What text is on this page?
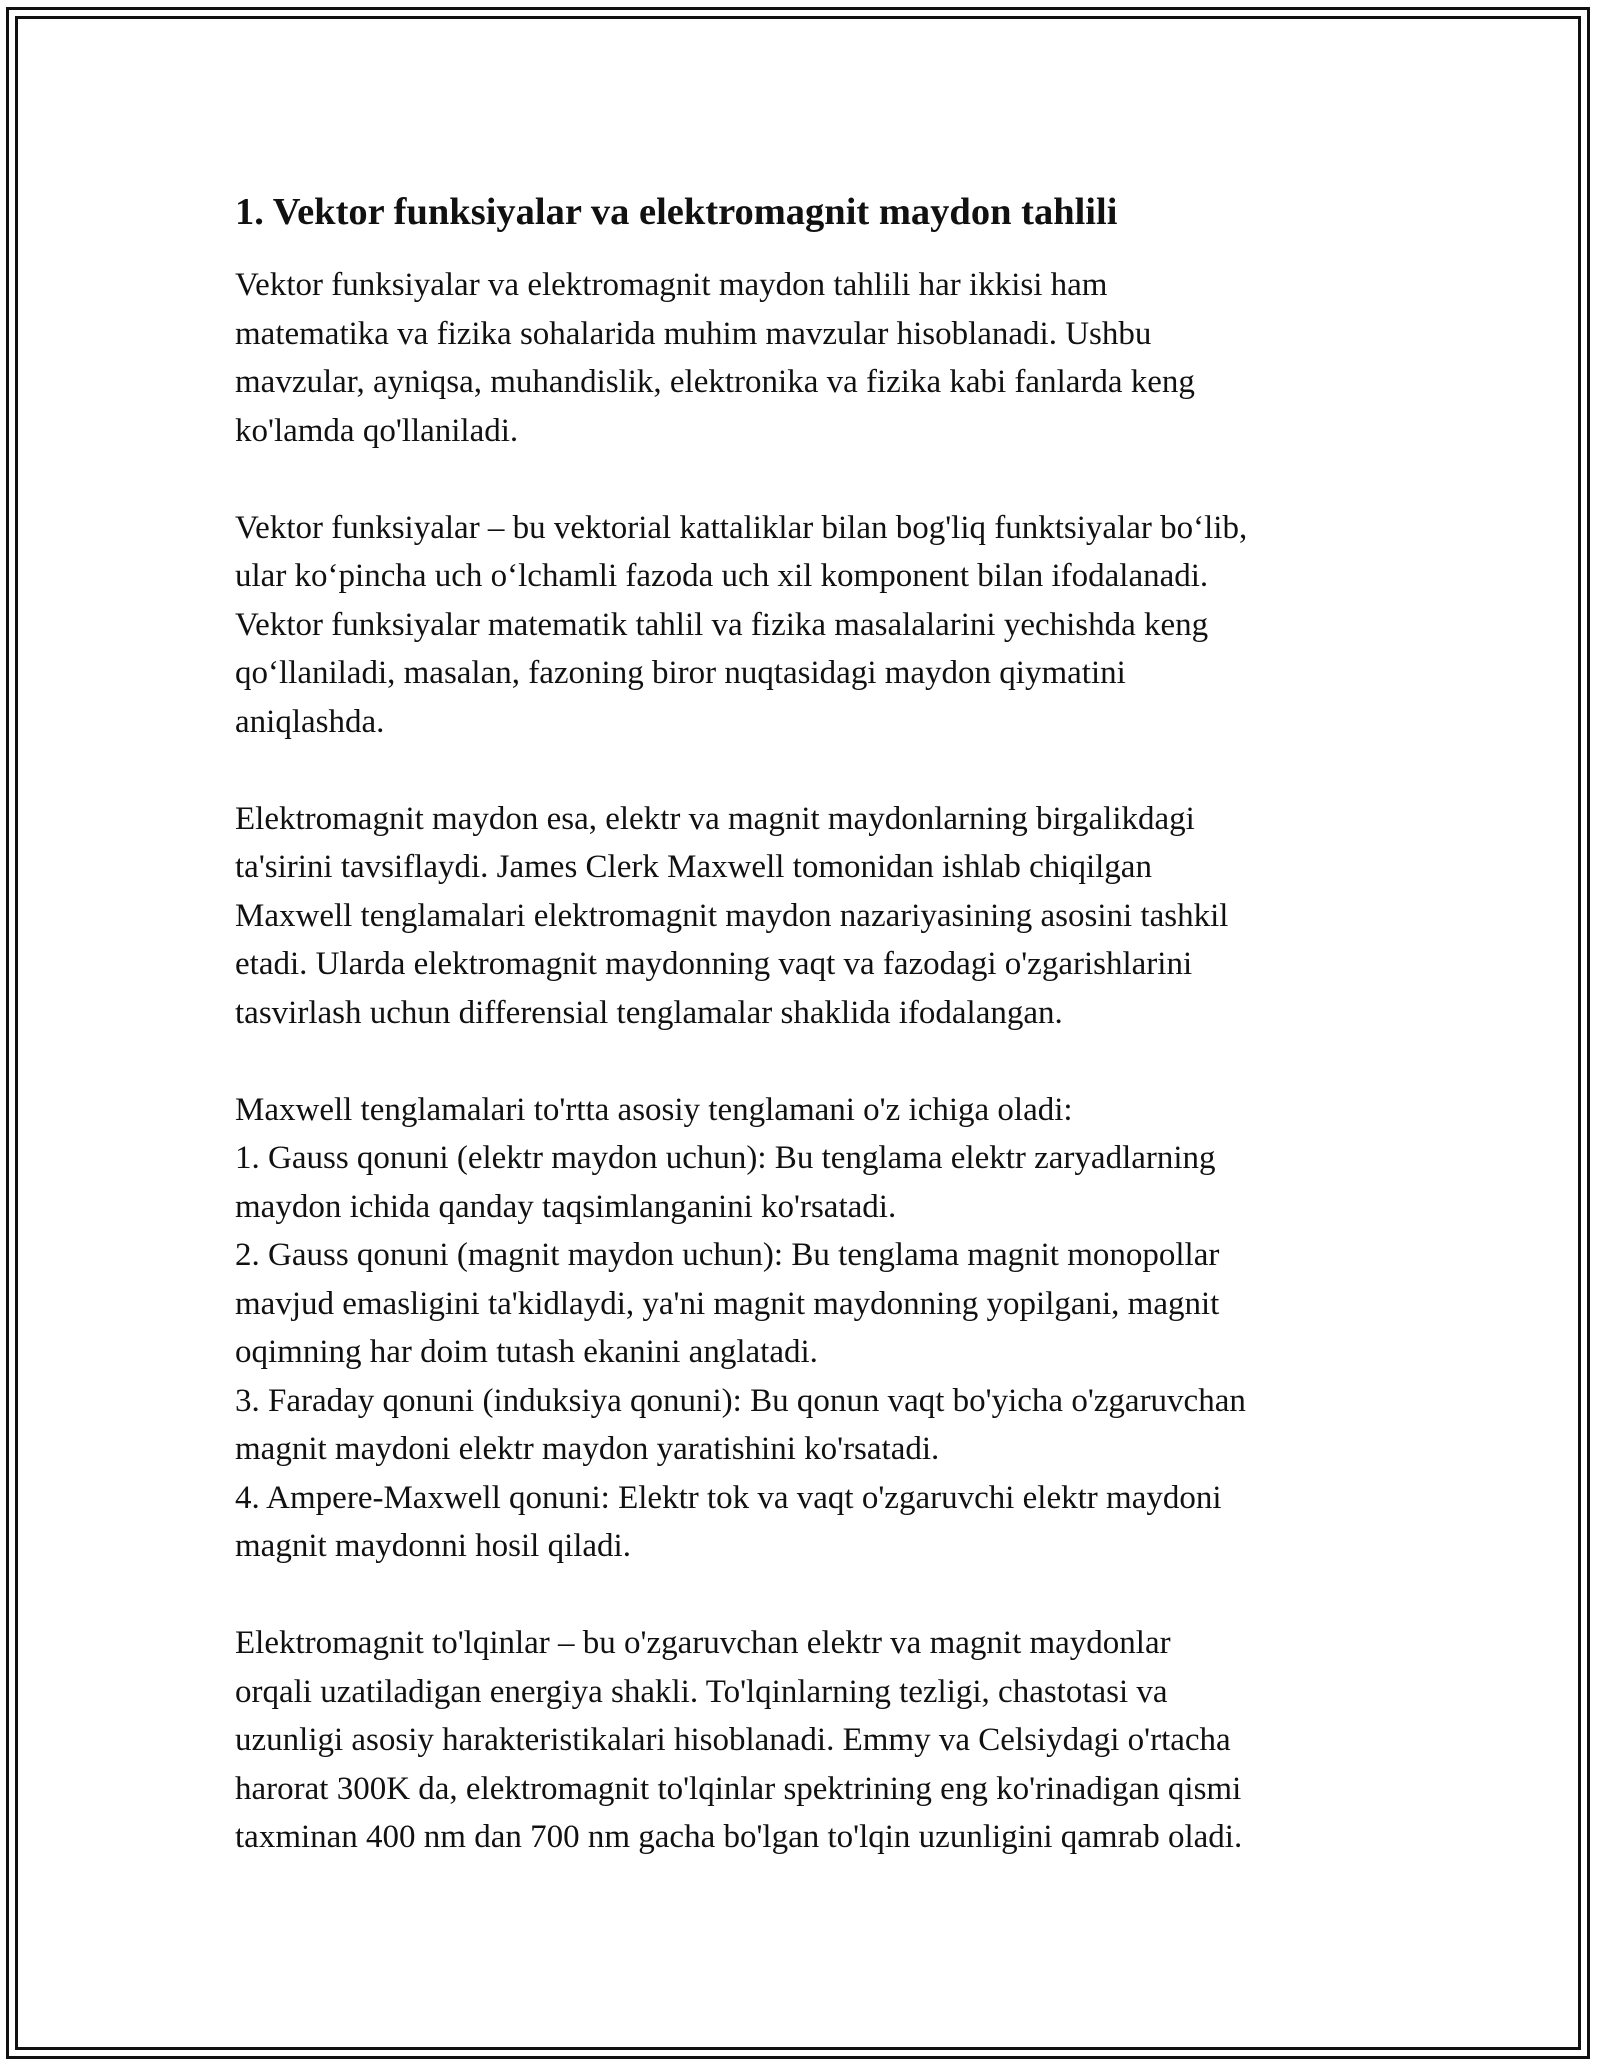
1. Vektor funksiyalar va elektromagnit maydon tahlili

Vektor funksiyalar va elektromagnit maydon tahlili har ikkisi ham
matematika va fizika sohalarida muhim mavzular hisoblanadi. Ushbu
mavzular, ayniqsa, muhandislik, elektronika va fizika kabi fanlarda keng
ko'lamda qo'llaniladi.

Vektor funksiyalar – bu vektorial kattaliklar bilan bog'liq funktsiyalar bo‘lib,
ular ko‘pincha uch o‘lchamli fazoda uch xil komponent bilan ifodalanadi.
Vektor funksiyalar matematik tahlil va fizika masalalarini yechishda keng
qo‘llaniladi, masalan, fazoning biror nuqtasidagi maydon qiymatini
aniqlashda.

Elektromagnit maydon esa, elektr va magnit maydonlarning birgalikdagi
ta'sirini tavsiflaydi. James Clerk Maxwell tomonidan ishlab chiqilgan
Maxwell tenglamalari elektromagnit maydon nazariyasining asosini tashkil
etadi. Ularda elektromagnit maydonning vaqt va fazodagi o'zgarishlarini
tasvirlash uchun differensial tenglamalar shaklida ifodalangan.

Maxwell tenglamalari to'rtta asosiy tenglamani o'z ichiga oladi:
1. Gauss qonuni (elektr maydon uchun): Bu tenglama elektr zaryadlarning
maydon ichida qanday taqsimlanganini ko'rsatadi.
2. Gauss qonuni (magnit maydon uchun): Bu tenglama magnit monopollar
mavjud emasligini ta'kidlaydi, ya'ni magnit maydonning yopilgani, magnit
oqimning har doim tutash ekanini anglatadi.
3. Faraday qonuni (induksiya qonuni): Bu qonun vaqt bo'yicha o'zgaruvchan
magnit maydoni elektr maydon yaratishini ko'rsatadi.
4. Ampere-Maxwell qonuni: Elektr tok va vaqt o'zgaruvchi elektr maydoni
magnit maydonni hosil qiladi.

Elektromagnit to'lqinlar – bu o'zgaruvchan elektr va magnit maydonlar
orqali uzatiladigan energiya shakli. To'lqinlarning tezligi, chastotasi va
uzunligi asosiy harakteristikalari hisoblanadi. Emmy va Celsiydagi o'rtacha
harorat 300K da, elektromagnit to'lqinlar spektrining eng ko'rinadigan qismi
taxminan 400 nm dan 700 nm gacha bo'lgan to'lqin uzunligini qamrab oladi.
